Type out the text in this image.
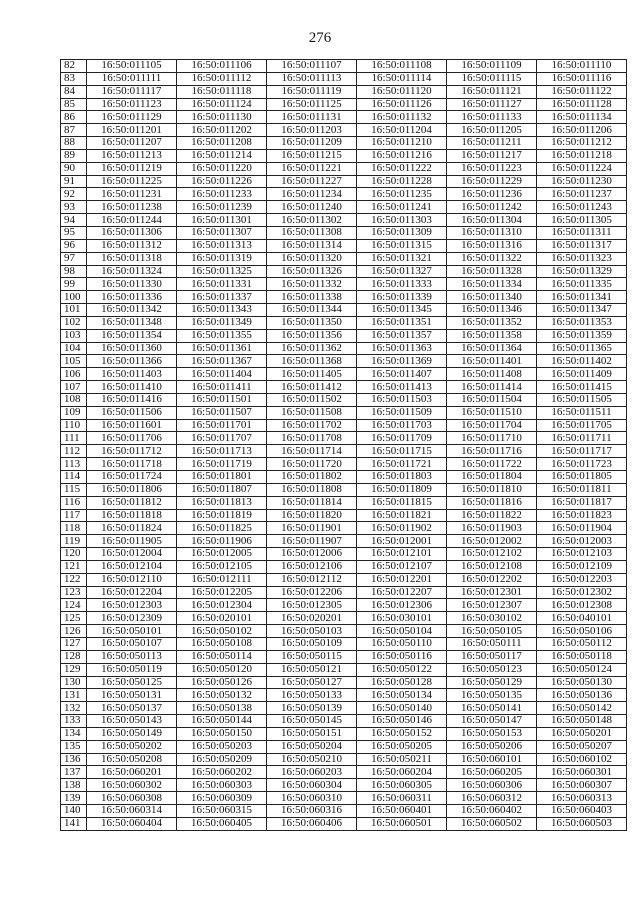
276
82	16:50:011105	16:50:011106	16:50:011107	16:50:011108	16:50:011109	16:50:011110
83	16:50:011111	16:50:011112	16:50:011113	16:50:011114	16:50:011115	16:50:011116
84	16:50:011117	16:50:011118	16:50:011119	16:50:011120	16:50:011121	16:50:011122
85	16:50:011123	16:50:011124	16:50:011125	16:50:011126	16:50:011127	16:50:011128
86	16:50:011129	16:50:011130	16:50:011131	16:50:011132	16:50:011133	16:50:011134
87	16:50:011201	16:50:011202	16:50:011203	16:50:011204	16:50:011205	16:50:011206
88	16:50:011207	16:50:011208	16:50:011209	16:50:011210	16:50:011211	16:50:011212
89	16:50:011213	16:50:011214	16:50:011215	16:50:011216	16:50:011217	16:50:011218
90	16:50:011219	16:50:011220	16:50:011221	16:50:011222	16:50:011223	16:50:011224
91	16:50:011225	16:50:011226	16:50:011227	16:50:011228	16:50:011229	16:50:011230
92	16:50:011231	16:50:011233	16:50:011234	16:50:011235	16:50:011236	16:50:011237
93	16:50:011238	16:50:011239	16:50:011240	16:50:011241	16:50:011242	16:50:011243
94	16:50:011244	16:50:011301	16:50:011302	16:50:011303	16:50:011304	16:50:011305
95	16:50:011306	16:50:011307	16:50:011308	16:50:011309	16:50:011310	16:50:011311
96	16:50:011312	16:50:011313	16:50:011314	16:50:011315	16:50:011316	16:50:011317
97	16:50:011318	16:50:011319	16:50:011320	16:50:011321	16:50:011322	16:50:011323
98	16:50:011324	16:50:011325	16:50:011326	16:50:011327	16:50:011328	16:50:011329
99	16:50:011330	16:50:011331	16:50:011332	16:50:011333	16:50:011334	16:50:011335
100	16:50:011336	16:50:011337	16:50:011338	16:50:011339	16:50:011340	16:50:011341
101	16:50:011342	16:50:011343	16:50:011344	16:50:011345	16:50:011346	16:50:011347
102	16:50:011348	16:50:011349	16:50:011350	16:50:011351	16:50:011352	16:50:011353
103	16:50:011354	16:50:011355	16:50:011356	16:50:011357	16:50:011358	16:50:011359
104	16:50:011360	16:50:011361	16:50:011362	16:50:011363	16:50:011364	16:50:011365
105	16:50:011366	16:50:011367	16:50:011368	16:50:011369	16:50:011401	16:50:011402
106	16:50:011403	16:50:011404	16:50:011405	16:50:011407	16:50:011408	16:50:011409
107	16:50:011410	16:50:011411	16:50:011412	16:50:011413	16:50:011414	16:50:011415
108	16:50:011416	16:50:011501	16:50:011502	16:50:011503	16:50:011504	16:50:011505
109	16:50:011506	16:50:011507	16:50:011508	16:50:011509	16:50:011510	16:50:011511
110	16:50:011601	16:50:011701	16:50:011702	16:50:011703	16:50:011704	16:50:011705
111	16:50:011706	16:50:011707	16:50:011708	16:50:011709	16:50:011710	16:50:011711
112	16:50:011712	16:50:011713	16:50:011714	16:50:011715	16:50:011716	16:50:011717
113	16:50:011718	16:50:011719	16:50:011720	16:50:011721	16:50:011722	16:50:011723
114	16:50:011724	16:50:011801	16:50:011802	16:50:011803	16:50:011804	16:50:011805
115	16:50:011806	16:50:011807	16:50:011808	16:50:011809	16:50:011810	16:50:011811
116	16:50:011812	16:50:011813	16:50:011814	16:50:011815	16:50:011816	16:50:011817
117	16:50:011818	16:50:011819	16:50:011820	16:50:011821	16:50:011822	16:50:011823
118	16:50:011824	16:50:011825	16:50:011901	16:50:011902	16:50:011903	16:50:011904
119	16:50:011905	16:50:011906	16:50:011907	16:50:012001	16:50:012002	16:50:012003
120	16:50:012004	16:50:012005	16:50:012006	16:50:012101	16:50:012102	16:50:012103
121	16:50:012104	16:50:012105	16:50:012106	16:50:012107	16:50:012108	16:50:012109
122	16:50:012110	16:50:012111	16:50:012112	16:50:012201	16:50:012202	16:50:012203
123	16:50:012204	16:50:012205	16:50:012206	16:50:012207	16:50:012301	16:50:012302
124	16:50:012303	16:50:012304	16:50:012305	16:50:012306	16:50:012307	16:50:012308
125	16:50:012309	16:50:020101	16:50:020201	16:50:030101	16:50:030102	16:50:040101
126	16:50:050101	16:50:050102	16:50:050103	16:50:050104	16:50:050105	16:50:050106
127	16:50:050107	16:50:050108	16:50:050109	16:50:050110	16:50:050111	16:50:050112
128	16:50:050113	16:50:050114	16:50:050115	16:50:050116	16:50:050117	16:50:050118
129	16:50:050119	16:50:050120	16:50:050121	16:50:050122	16:50:050123	16:50:050124
130	16:50:050125	16:50:050126	16:50:050127	16:50:050128	16:50:050129	16:50:050130
131	16:50:050131	16:50:050132	16:50:050133	16:50:050134	16:50:050135	16:50:050136
132	16:50:050137	16:50:050138	16:50:050139	16:50:050140	16:50:050141	16:50:050142
133	16:50:050143	16:50:050144	16:50:050145	16:50:050146	16:50:050147	16:50:050148
134	16:50:050149	16:50:050150	16:50:050151	16:50:050152	16:50:050153	16:50:050201
135	16:50:050202	16:50:050203	16:50:050204	16:50:050205	16:50:050206	16:50:050207
136	16:50:050208	16:50:050209	16:50:050210	16:50:050211	16:50:060101	16:50:060102
137	16:50:060201	16:50:060202	16:50:060203	16:50:060204	16:50:060205	16:50:060301
138	16:50:060302	16:50:060303	16:50:060304	16:50:060305	16:50:060306	16:50:060307
139	16:50:060308	16:50:060309	16:50:060310	16:50:060311	16:50:060312	16:50:060313
140	16:50:060314	16:50:060315	16:50:060316	16:50:060401	16:50:060402	16:50:060403
141	16:50:060404	16:50:060405	16:50:060406	16:50:060501	16:50:060502	16:50:060503
